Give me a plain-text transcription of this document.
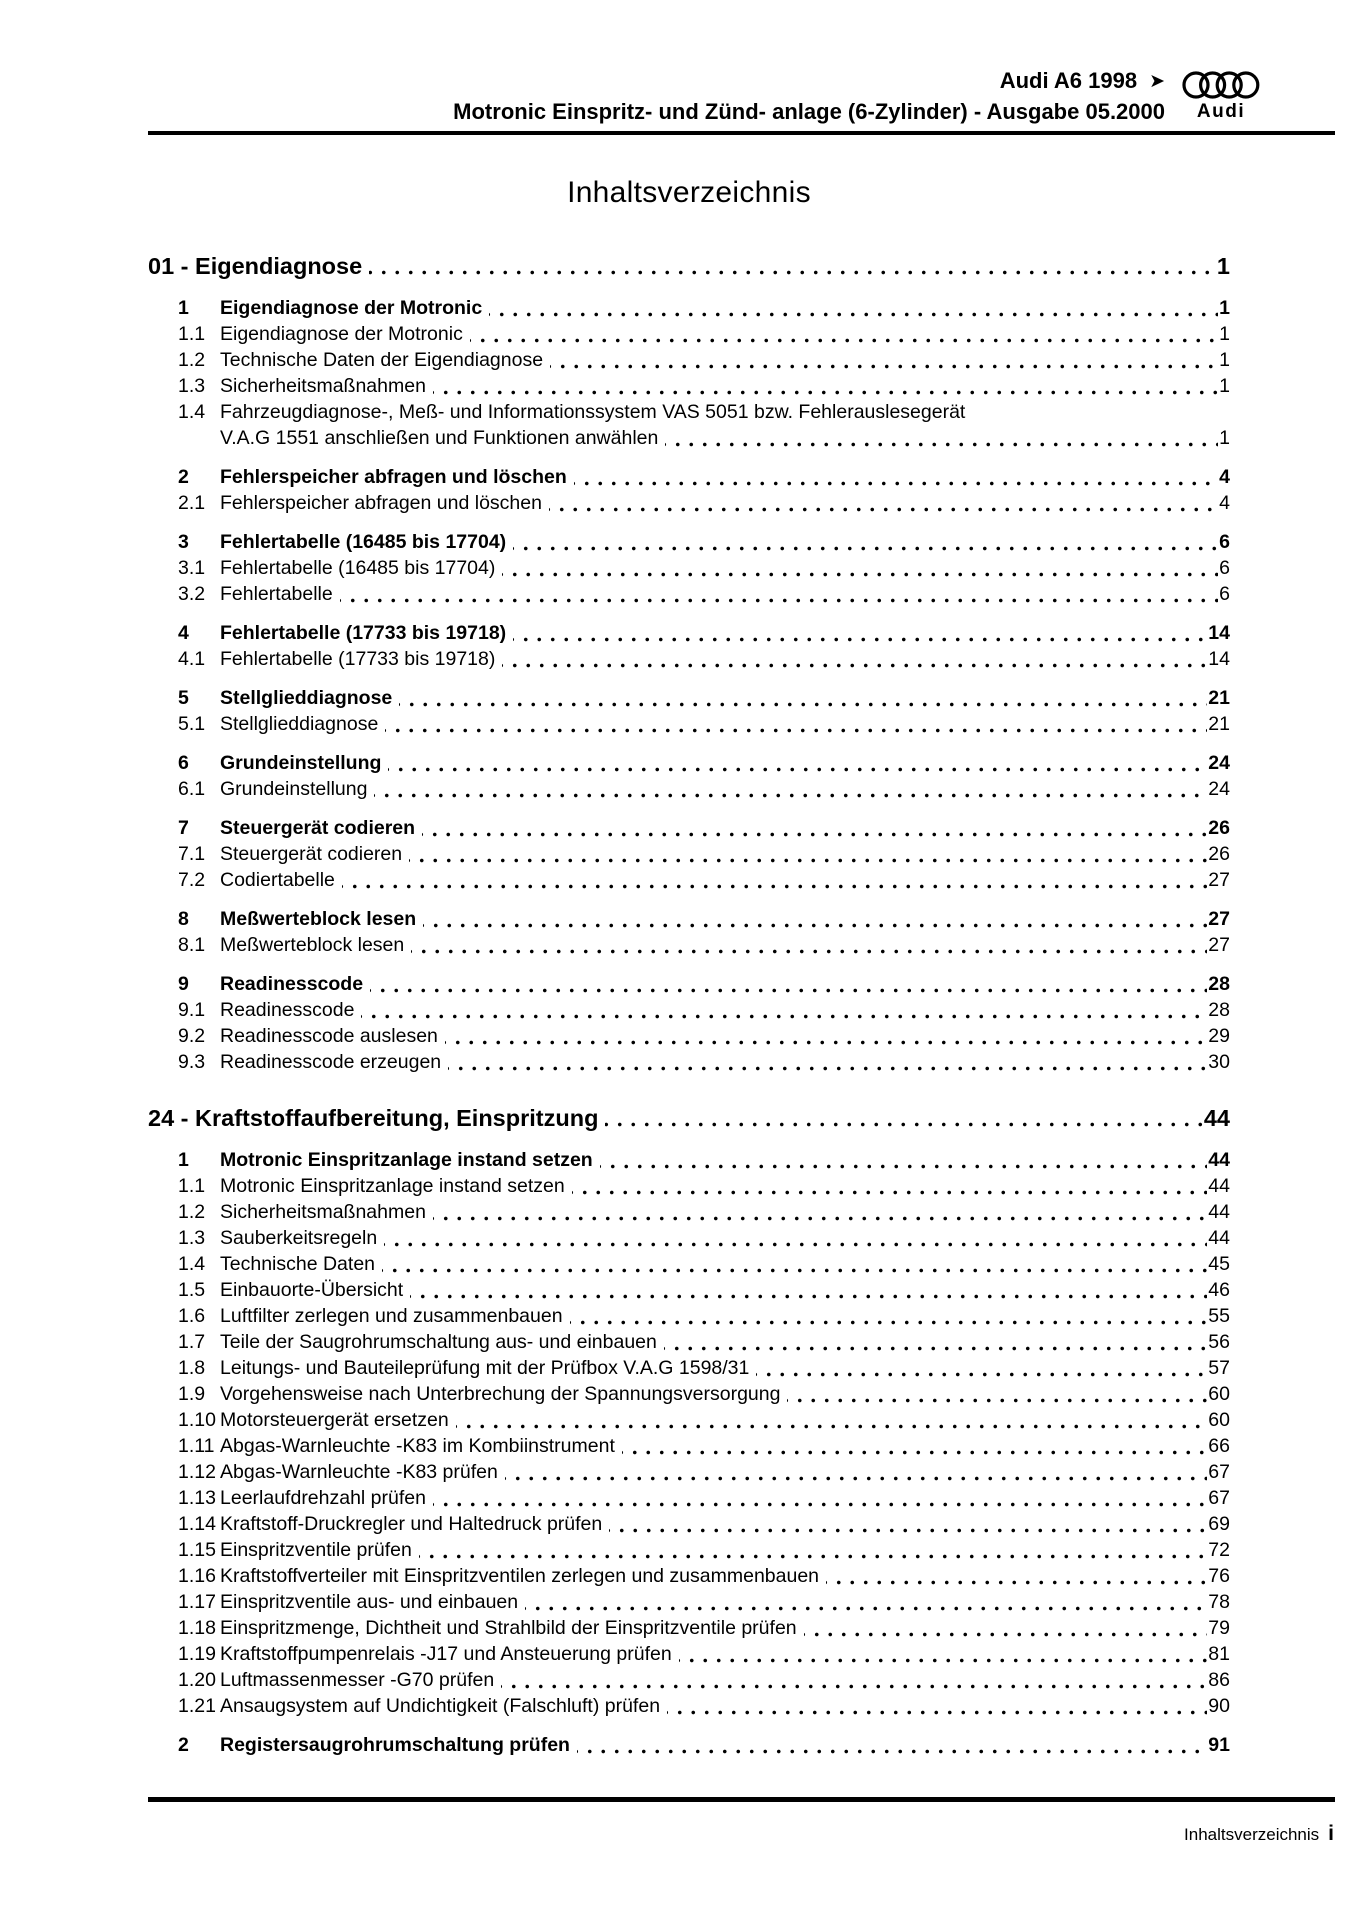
Audi A6 1998 ➤
Motronic Einspritz- und Zünd- anlage (6-Zylinder) - Ausgabe 05.2000	Audi
Inhaltsverzeichnis
01 - Eigendiagnose	1
1	Eigendiagnose der Motronic	1
1.1 Eigendiagnose der Motronic	1
1.2 Technische Daten der Eigendiagnose	1
1.3 Sicherheitsmaßnahmen	1
1.4 Fahrzeugdiagnose-, Meß- und Informationssystem VAS 5051 bzw. Fehlerauslesegerät
V.A.G 1551 anschließen und Funktionen anwählen	1
2	Fehlerspeicher abfragen und löschen	4
2.1 Fehlerspeicher abfragen und löschen	4
3	Fehlertabelle (16485 bis 17704)	6
3.1 Fehlertabelle (16485 bis 17704)	6
3.2 Fehlertabelle	6
4	Fehlertabelle (17733 bis 19718)	14
4.1 Fehlertabelle (17733 bis 19718)	14
5	Stellglieddiagnose	21
5.1 Stellglieddiagnose	21
6	Grundeinstellung	24
6.1 Grundeinstellung	24
7	Steuergerät codieren	26
7.1 Steuergerät codieren	26
7.2 Codiertabelle	27
8	Meßwerteblock lesen	27
8.1 Meßwerteblock lesen	27
9	Readinesscode	28
9.1 Readinesscode	28
9.2 Readinesscode auslesen	29
9.3 Readinesscode erzeugen	30
24 - Kraftstoffaufbereitung, Einspritzung	44
1	Motronic Einspritzanlage instand setzen	44
1.1 Motronic Einspritzanlage instand setzen	44
1.2 Sicherheitsmaßnahmen	44
1.3 Sauberkeitsregeln	44
1.4 Technische Daten	45
1.5 Einbauorte-Übersicht	46
1.6 Luftfilter zerlegen und zusammenbauen	55
1.7 Teile der Saugrohrumschaltung aus- und einbauen	56
1.8 Leitungs- und Bauteileprüfung mit der Prüfbox V.A.G 1598/31	57
1.9 Vorgehensweise nach Unterbrechung der Spannungsversorgung	60
1.10 Motorsteuergerät ersetzen	60
1.11 Abgas-Warnleuchte -K83 im Kombiinstrument	66
1.12 Abgas-Warnleuchte -K83 prüfen	67
1.13 Leerlaufdrehzahl prüfen	67
1.14 Kraftstoff-Druckregler und Haltedruck prüfen	69
1.15 Einspritzventile prüfen	72
1.16 Kraftstoffverteiler mit Einspritzventilen zerlegen und zusammenbauen	76
1.17 Einspritzventile aus- und einbauen	78
1.18 Einspritzmenge, Dichtheit und Strahlbild der Einspritzventile prüfen	79
1.19 Kraftstoffpumpenrelais -J17 und Ansteuerung prüfen	81
1.20 Luftmassenmesser -G70 prüfen	86
1.21 Ansaugsystem auf Undichtigkeit (Falschluft) prüfen	90
2	Registersaugrohrumschaltung prüfen	91
Inhaltsverzeichnis i
